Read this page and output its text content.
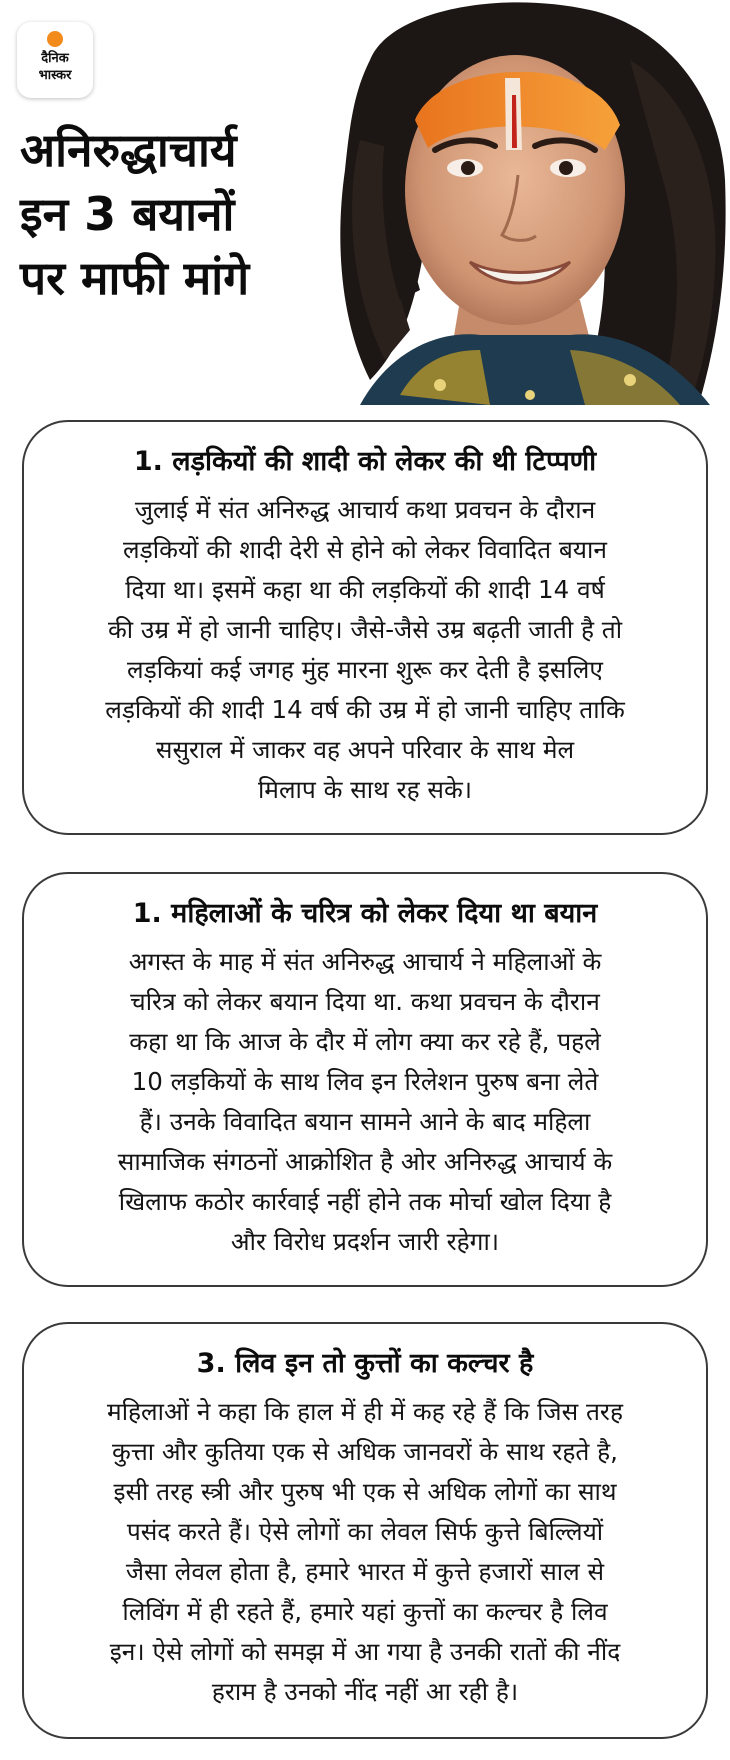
दैनिक
भास्कर
अनिरुद्धाचार्य
इन 3 बयानों
पर माफी मांगे
1. लड़कियों की शादी को लेकर की थी टिप्पणी
जुलाई में संत अनिरुद्ध आचार्य कथा प्रवचन के दौरान
लड़कियों की शादी देरी से होने को लेकर विवादित बयान
दिया था। इसमें कहा था की लड़कियों की शादी 14 वर्ष
की उम्र में हो जानी चाहिए। जैसे-जैसे उम्र बढ़ती जाती है तो
लड़कियां कई जगह मुंह मारना शुरू कर देती है इसलिए
लड़कियों की शादी 14 वर्ष की उम्र में हो जानी चाहिए ताकि
ससुराल में जाकर वह अपने परिवार के साथ मेल
मिलाप के साथ रह सके।
1. महिलाओं के चरित्र को लेकर दिया था बयान
अगस्त के माह में संत अनिरुद्ध आचार्य ने महिलाओं के
चरित्र को लेकर बयान दिया था. कथा प्रवचन के दौरान
कहा था कि आज के दौर में लोग क्या कर रहे हैं, पहले
10 लड़कियों के साथ लिव इन रिलेशन पुरुष बना लेते
हैं। उनके विवादित बयान सामने आने के बाद महिला
सामाजिक संगठनों आक्रोशित है ओर अनिरुद्ध आचार्य के
खिलाफ कठोर कार्रवाई नहीं होने तक मोर्चा खोल दिया है
और विरोध प्रदर्शन जारी रहेगा।
3. लिव इन तो कुत्तों का कल्चर है
महिलाओं ने कहा कि हाल में ही में कह रहे हैं कि जिस तरह
कुत्ता और कुतिया एक से अधिक जानवरों के साथ रहते है,
इसी तरह स्त्री और पुरुष भी एक से अधिक लोगों का साथ
पसंद करते हैं। ऐसे लोगों का लेवल सिर्फ कुत्ते बिल्लियों
जैसा लेवल होता है, हमारे भारत में कुत्ते हजारों साल से
लिविंग में ही रहते हैं, हमारे यहां कुत्तों का कल्चर है लिव
इन। ऐसे लोगों को समझ में आ गया है उनकी रातों की नींद
हराम है उनको नींद नहीं आ रही है।
